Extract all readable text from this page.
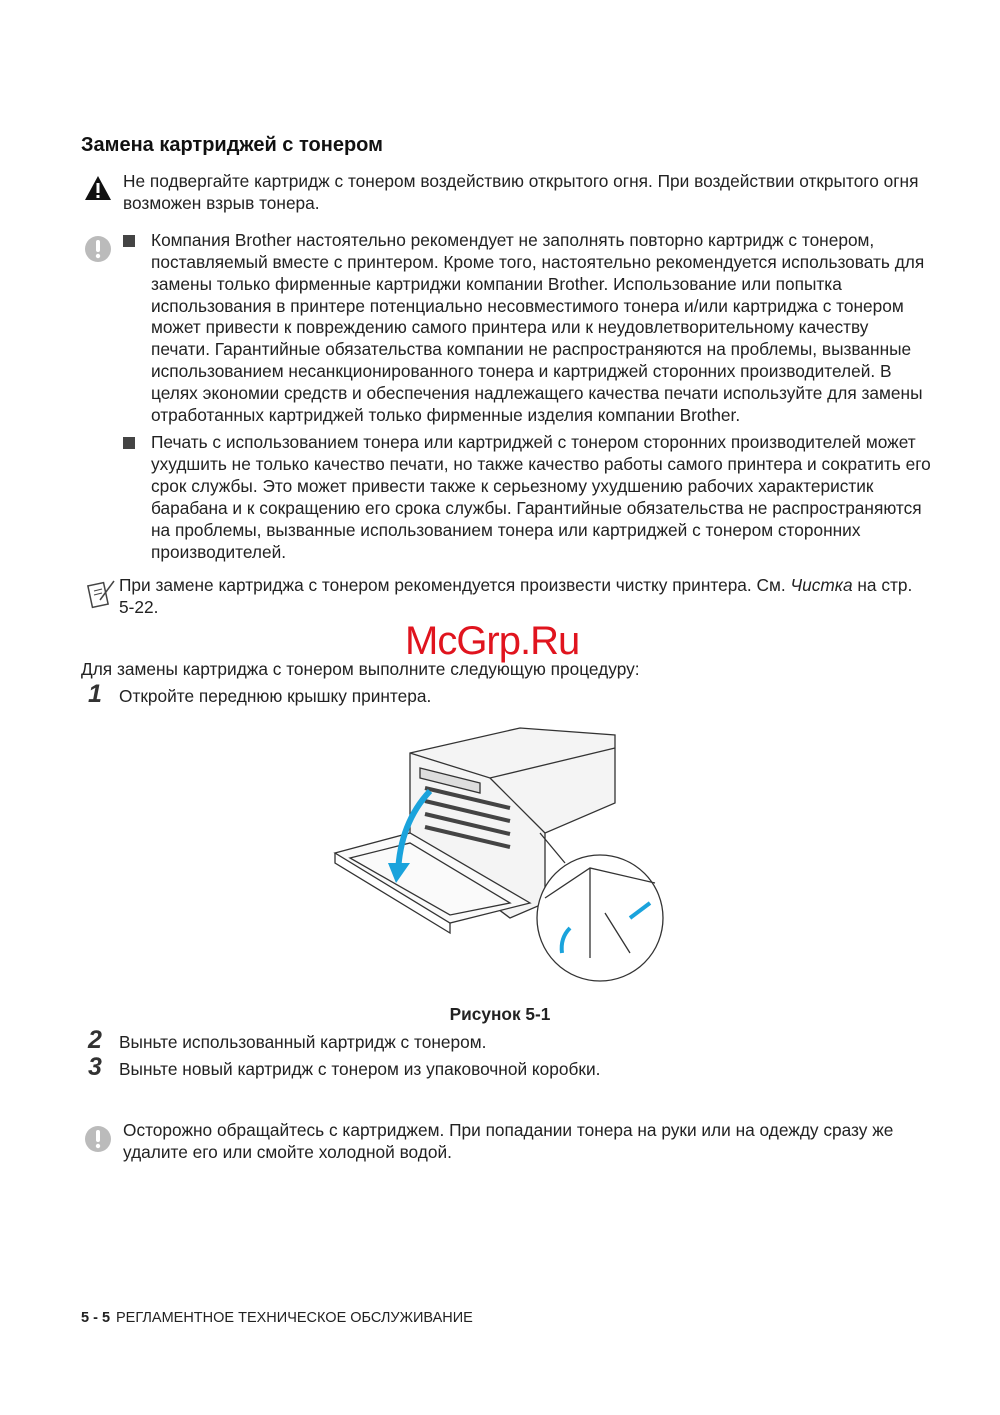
Замена картриджей с тонером
Не подвергайте картридж с тонером воздействию открытого огня. При воздействии открытого огня возможен взрыв тонера.
Компания Brother настоятельно рекомендует не заполнять повторно картридж с тонером, поставляемый вместе с принтером. Кроме того, настоятельно рекомендуется использовать для замены только фирменные картриджи компании Brother. Использование или попытка использования в принтере потенциально несовместимого тонера и/или картриджа с тонером может привести к повреждению самого принтера или к неудовлетворительному качеству печати. Гарантийные обязательства компании не распространяются на проблемы, вызванные использованием несанкционированного тонера и картриджей сторонних производителей. В целях экономии средств и обеспечения надлежащего качества печати используйте для замены отработанных картриджей только фирменные изделия компании Brother.
Печать с использованием тонера или картриджей с тонером сторонних производителей может ухудшить не только качество печати, но также качество работы самого принтера и сократить его срок службы. Это может привести также к серьезному ухудшению рабочих характеристик барабана и к сокращению его срока службы. Гарантийные обязательства не распространяются на проблемы, вызванные использованием тонера или картриджей с тонером сторонних производителей.
При замене картриджа с тонером рекомендуется произвести чистку принтера. См. Чистка на стр. 5-22.
McGrp.Ru
Для замены картриджа с тонером выполните следующую процедуру:
1 Откройте переднюю крышку принтера.
Рисунок 5-1
2 Выньте использованный картридж с тонером.
3 Выньте новый картридж с тонером из упаковочной коробки.
Осторожно обращайтесь с картриджем. При попадании тонера на руки или на одежду сразу же удалите его или смойте холодной водой.
5 - 5 РЕГЛАМЕНТНОЕ ТЕХНИЧЕСКОЕ ОБСЛУЖИВАНИЕ
